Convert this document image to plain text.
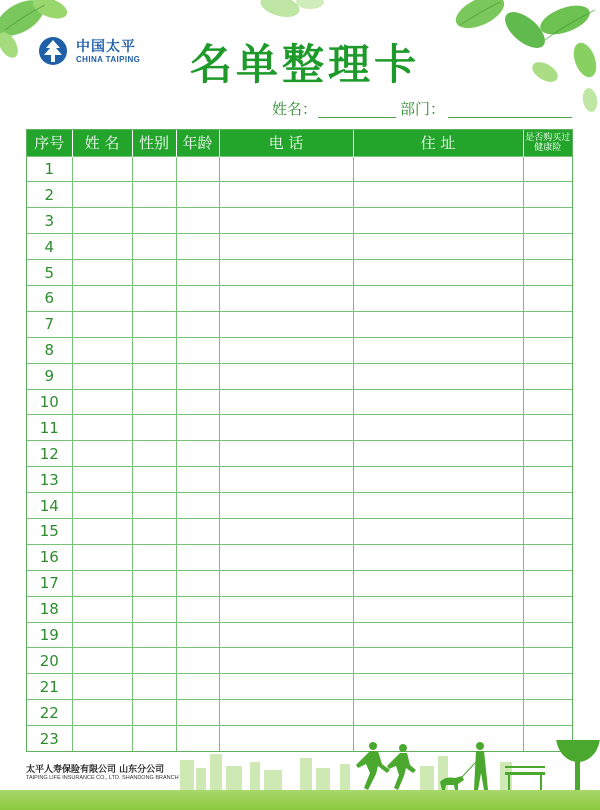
中国太平
CHINA TAIPING 名单整理卡
姓名：	部门：
序号	姓 名	性别	年龄	电 话	住 址	是否购买过健康险
1						
2						
3						
4						
5						
6						
7						
8						
9						
10						
11						
12						
13						
14						
15						
16						
17						
18						
19						
20						
21						
22						
23						
太平人寿保险有限公司 山东分公司
TAIPING LIFE INSURANCE CO., LTD. SHANDONG BRANCH
